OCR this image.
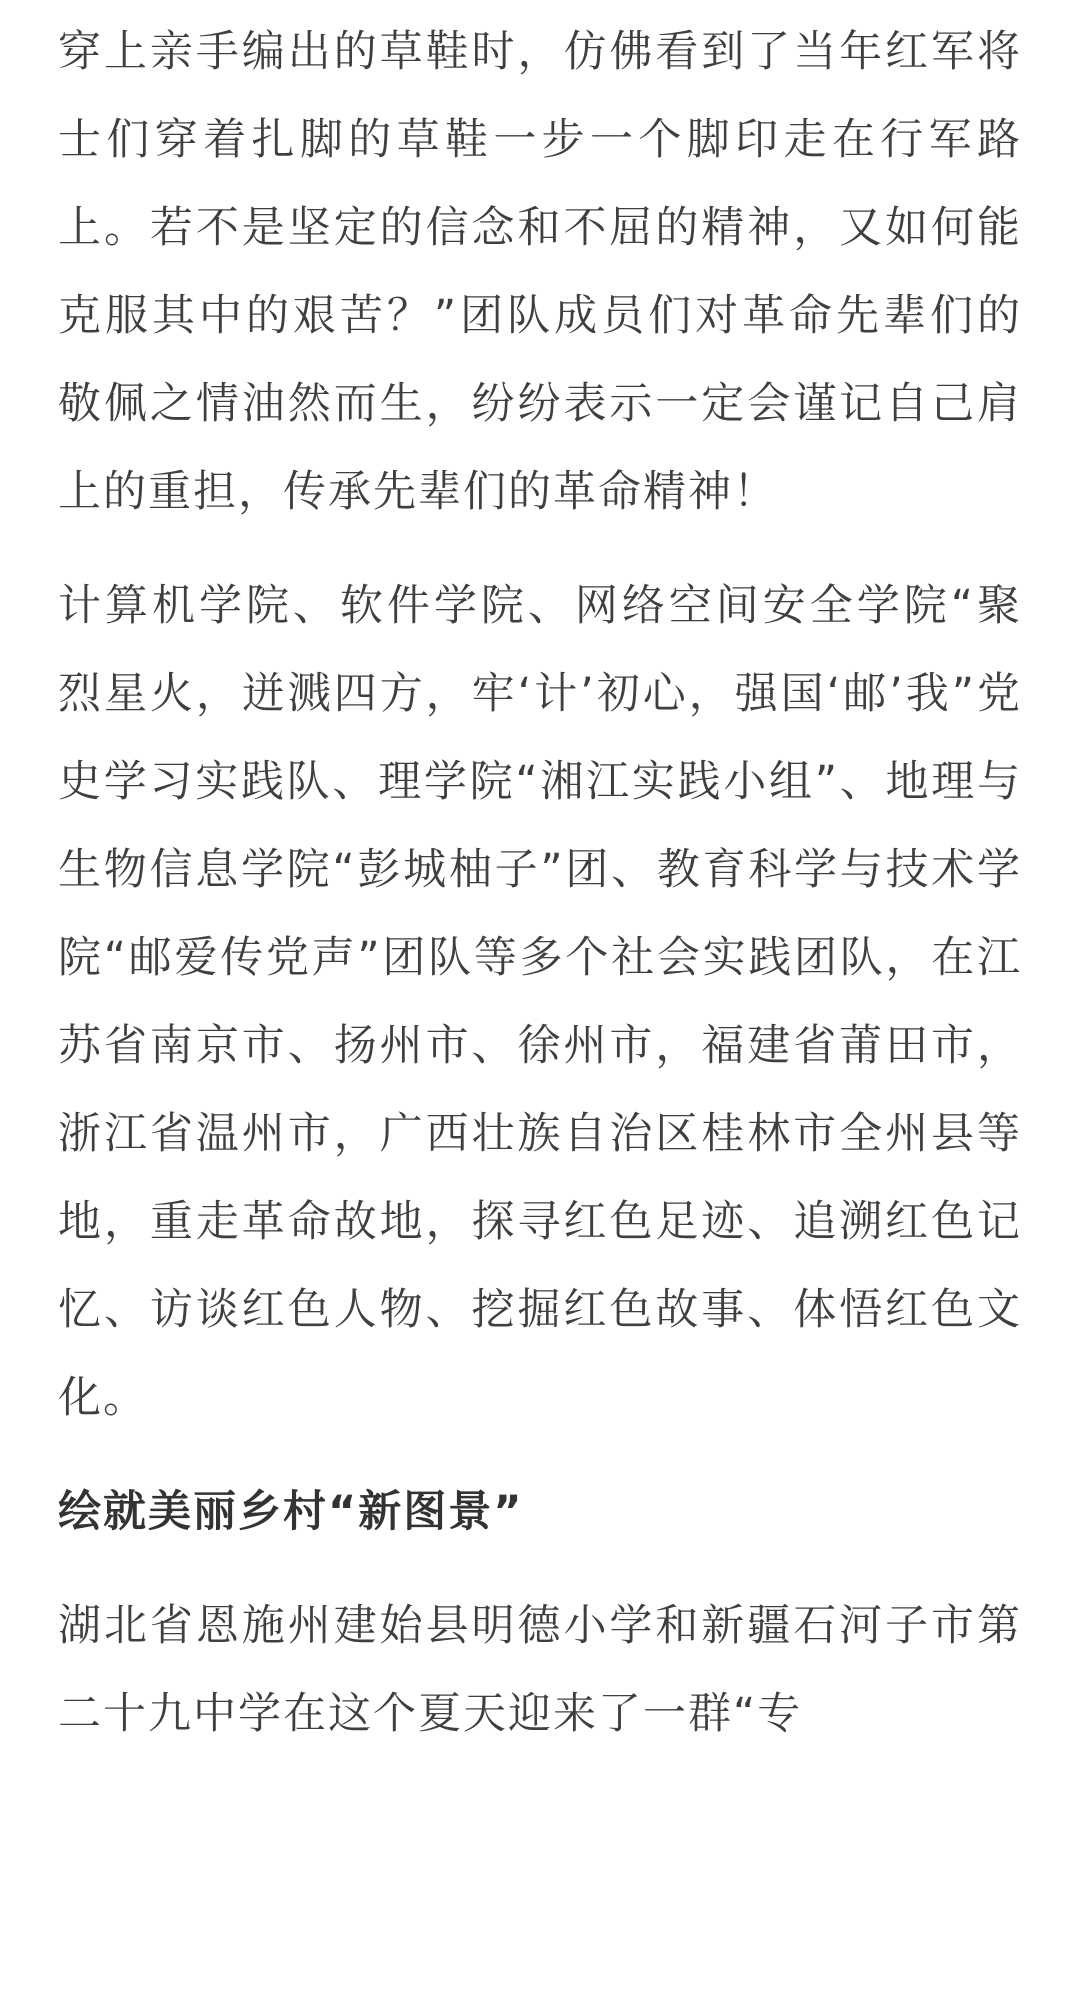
穿上亲手编出的草鞋时，仿佛看到了当年红军将士们穿着扎脚的草鞋一步一个脚印走在行军路上。若不是坚定的信念和不屈的精神，又如何能克服其中的艰苦？”团队成员们对革命先辈们的敬佩之情油然而生，纷纷表示一定会谨记自己肩上的重担，传承先辈们的革命精神！

计算机学院、软件学院、网络空间安全学院“聚烈星火，迸溅四方，牢‘计’初心，强国‘邮’我”党史学习实践队、理学院“湘江实践小组”、地理与生物信息学院“彭城柚子”团、教育科学与技术学院“邮爱传党声”团队等多个社会实践团队，在江苏省南京市、扬州市、徐州市，福建省莆田市，浙江省温州市，广西壮族自治区桂林市全州县等地，重走革命故地，探寻红色足迹、追溯红色记忆、访谈红色人物、挖掘红色故事、体悟红色文化。

绘就美丽乡村“新图景”

湖北省恩施州建始县明德小学和新疆石河子市第二十九中学在这个夏天迎来了一群“专
